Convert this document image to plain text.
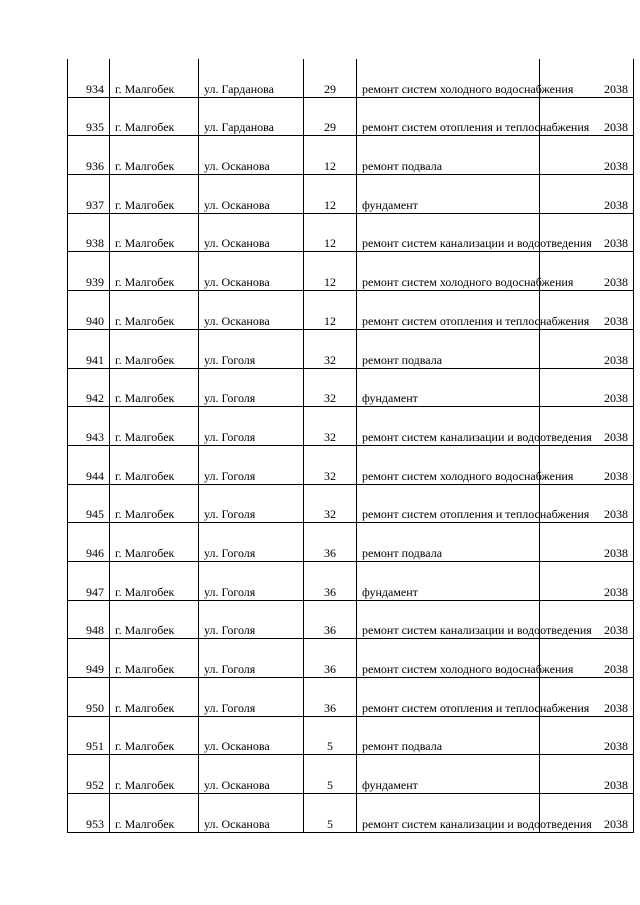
934	г. Малгобек	ул. Гарданова	29	ремонт систем холодного водоснабжения	2038
935	г. Малгобек	ул. Гарданова	29	ремонт систем отопления и теплоснабжения	2038
936	г. Малгобек	ул. Осканова	12	ремонт подвала	2038
937	г. Малгобек	ул. Осканова	12	фундамент	2038
938	г. Малгобек	ул. Осканова	12	ремонт систем канализации и водоотведения	2038
939	г. Малгобек	ул. Осканова	12	ремонт систем холодного водоснабжения	2038
940	г. Малгобек	ул. Осканова	12	ремонт систем отопления и теплоснабжения	2038
941	г. Малгобек	ул. Гоголя	32	ремонт подвала	2038
942	г. Малгобек	ул. Гоголя	32	фундамент	2038
943	г. Малгобек	ул. Гоголя	32	ремонт систем канализации и водоотведения	2038
944	г. Малгобек	ул. Гоголя	32	ремонт систем холодного водоснабжения	2038
945	г. Малгобек	ул. Гоголя	32	ремонт систем отопления и теплоснабжения	2038
946	г. Малгобек	ул. Гоголя	36	ремонт подвала	2038
947	г. Малгобек	ул. Гоголя	36	фундамент	2038
948	г. Малгобек	ул. Гоголя	36	ремонт систем канализации и водоотведения	2038
949	г. Малгобек	ул. Гоголя	36	ремонт систем холодного водоснабжения	2038
950	г. Малгобек	ул. Гоголя	36	ремонт систем отопления и теплоснабжения	2038
951	г. Малгобек	ул. Осканова	5	ремонт подвала	2038
952	г. Малгобек	ул. Осканова	5	фундамент	2038
953	г. Малгобек	ул. Осканова	5	ремонт систем канализации и водоотведения	2038
